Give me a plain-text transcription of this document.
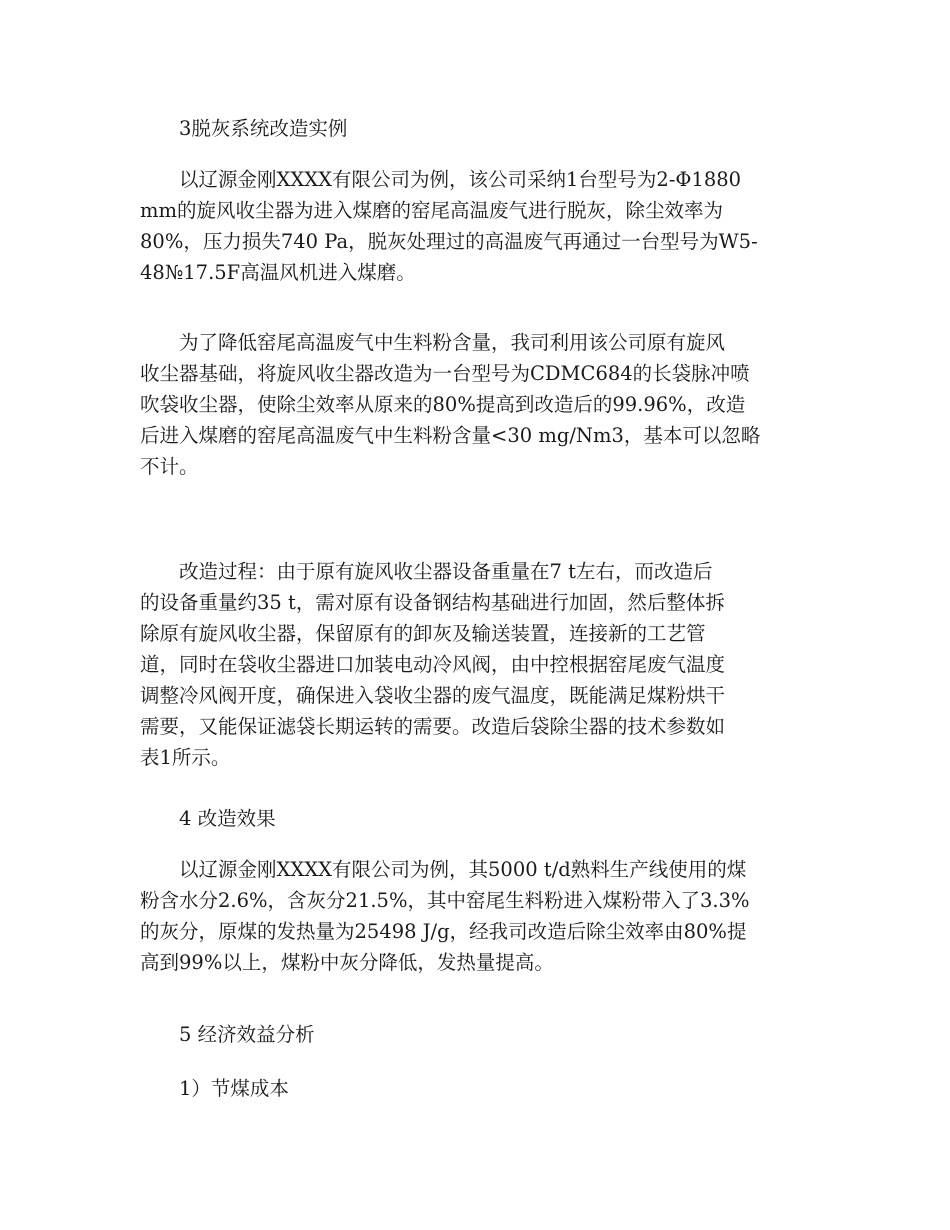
3脱灰系统改造实例
以辽源金刚XXXX有限公司为例，该公司采纳1台型号为2-Φ1880
mm的旋风收尘器为进入煤磨的窑尾高温废气进行脱灰，除尘效率为
80%，压力损失740 Pa，脱灰处理过的高温废气再通过一台型号为W5-
48№17.5F高温风机进入煤磨。
为了降低窑尾高温废气中生料粉含量，我司利用该公司原有旋风
收尘器基础，将旋风收尘器改造为一台型号为CDMC684的长袋脉冲喷
吹袋收尘器，使除尘效率从原来的80%提高到改造后的99.96%，改造
后进入煤磨的窑尾高温废气中生料粉含量<30 mg/Nm3，基本可以忽略
不计。
改造过程：由于原有旋风收尘器设备重量在7 t左右，而改造后
的设备重量约35 t，需对原有设备钢结构基础进行加固，然后整体拆
除原有旋风收尘器，保留原有的卸灰及输送装置，连接新的工艺管
道，同时在袋收尘器进口加装电动冷风阀，由中控根据窑尾废气温度
调整冷风阀开度，确保进入袋收尘器的废气温度，既能满足煤粉烘干
需要，又能保证滤袋长期运转的需要。改造后袋除尘器的技术参数如
表1所示。
4 改造效果
以辽源金刚XXXX有限公司为例，其5000 t/d熟料生产线使用的煤
粉含水分2.6%，含灰分21.5%，其中窑尾生料粉进入煤粉带入了3.3%
的灰分，原煤的发热量为25498 J/g，经我司改造后除尘效率由80%提
高到99%以上，煤粉中灰分降低，发热量提高。
5 经济效益分析
1）节煤成本
